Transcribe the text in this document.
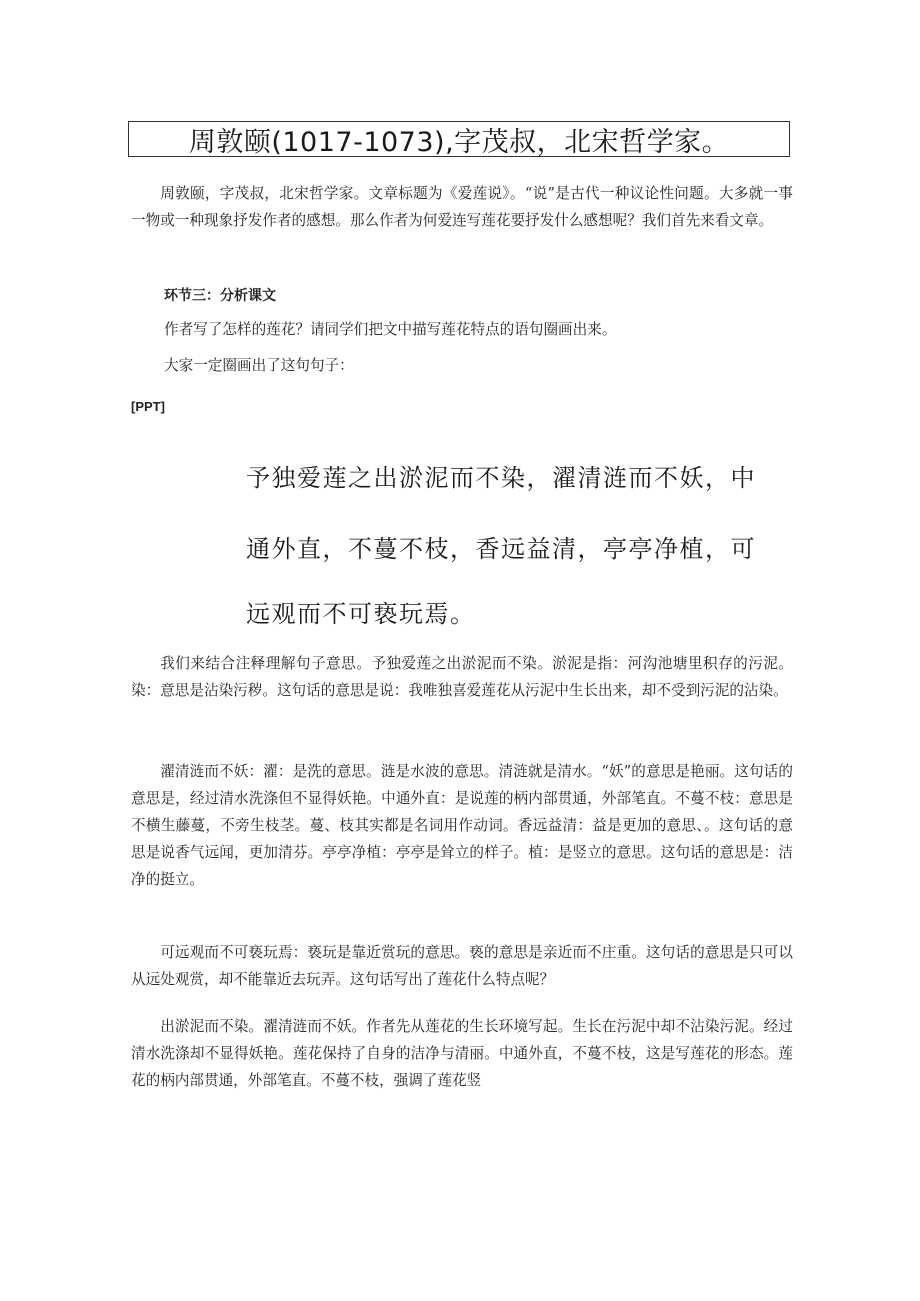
周敦颐(1017-1073),字茂叔，北宋哲学家。

周敦颐，字茂叔，北宋哲学家。文章标题为《爱莲说》。“说”是古代一种议论性问题。大多就一事一物或一种现象抒发作者的感想。那么作者为何爱连写莲花要抒发什么感想呢？我们首先来看文章。

环节三：分析课文

作者写了怎样的莲花？请同学们把文中描写莲花特点的语句圈画出来。

大家一定圈画出了这句句子：

[PPT]
予独爱莲之出淤泥而不染，濯清涟而不妖，中
通外直，不蔓不枝，香远益清，亭亭净植，可
远观而不可亵玩焉。

我们来结合注释理解句子意思。予独爱莲之出淤泥而不染。淤泥是指：河沟池塘里积存的污泥。染：意思是沾染污秽。这句话的意思是说：我唯独喜爱莲花从污泥中生长出来，却不受到污泥的沾染。

濯清涟而不妖：濯：是洗的意思。涟是水波的意思。清涟就是清水。“妖”的意思是艳丽。这句话的意思是，经过清水洗涤但不显得妖艳。中通外直：是说莲的柄内部贯通，外部笔直。不蔓不枝：意思是不横生藤蔓，不旁生枝茎。蔓、枝其实都是名词用作动词。香远益清：益是更加的意思、。这句话的意思是说香气远闻，更加清芬。亭亭净植：亭亭是耸立的样子。植：是竖立的意思。这句话的意思是：洁净的挺立。

可远观而不可亵玩焉：亵玩是靠近赏玩的意思。亵的意思是亲近而不庄重。这句话的意思是只可以从远处观赏，却不能靠近去玩弄。这句话写出了莲花什么特点呢？

出淤泥而不染。濯清涟而不妖。作者先从莲花的生长环境写起。生长在污泥中却不沾染污泥。经过清水洗涤却不显得妖艳。莲花保持了自身的洁净与清丽。中通外直，不蔓不枝，这是写莲花的形态。莲花的柄内部贯通，外部笔直。不蔓不枝，强调了莲花竖
